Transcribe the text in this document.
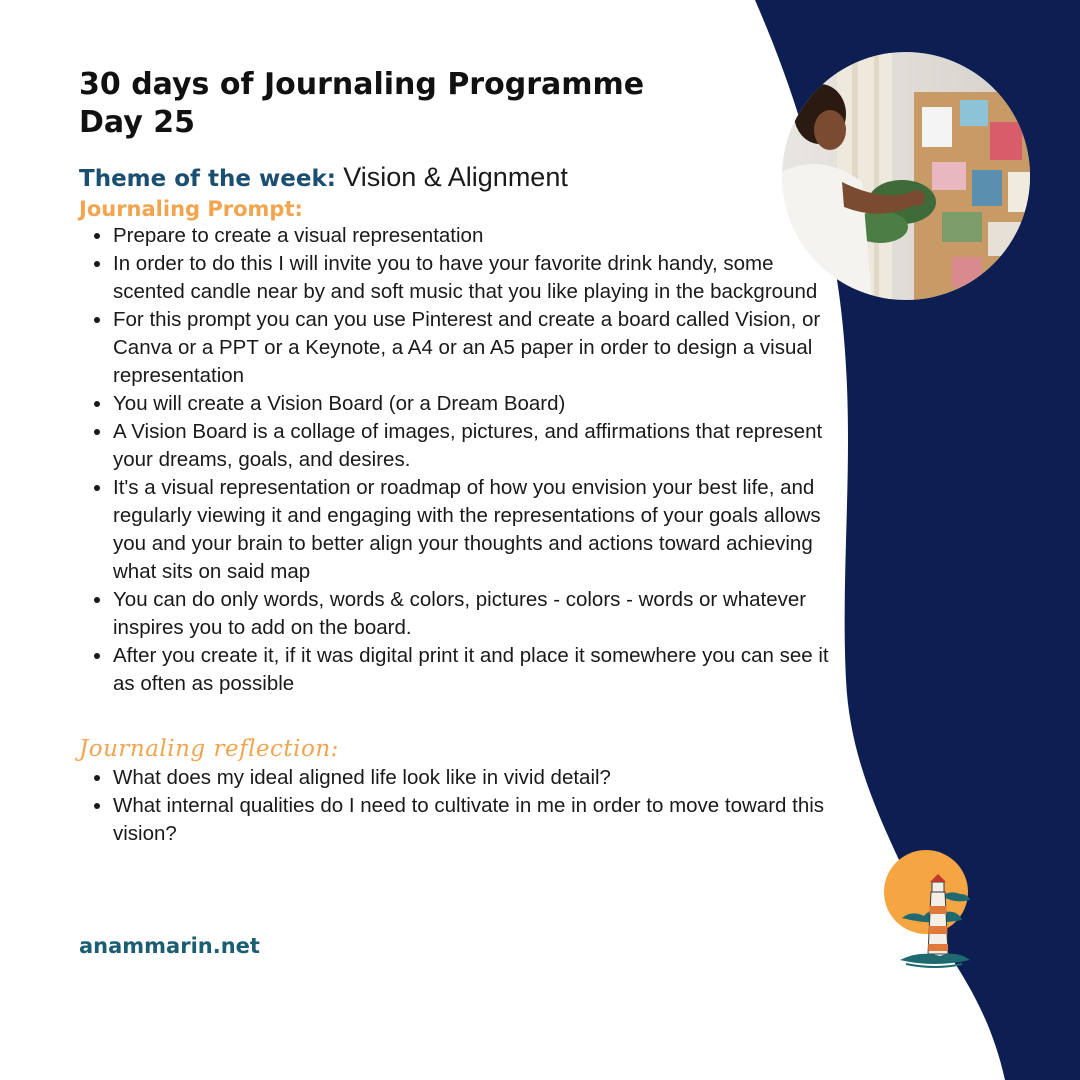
30 days of Journaling Programme
Day 25
Theme of the week: Vision & Alignment
Journaling Prompt:
• Prepare to create a visual representation
• In order to do this I will invite you to have your favorite drink handy, some scented candle near by and soft music that you like playing in the background
• For this prompt you can you use Pinterest and create a board called Vision, or Canva or a PPT or a Keynote, a A4 or an A5 paper in order to design a visual representation
• You will create a Vision Board (or a Dream Board)
• A Vision Board is a collage of images, pictures, and affirmations that represent your dreams, goals, and desires.
• It's a visual representation or roadmap of how you envision your best life, and regularly viewing it and engaging with the representations of your goals allows you and your brain to better align your thoughts and actions toward achieving what sits on said map
• You can do only words, words & colors, pictures - colors - words or whatever inspires you to add on the board.
• After you create it, if it was digital print it and place it somewhere you can see it as often as possible
Journaling reflection:
• What does my ideal aligned life look like in vivid detail?
• What internal qualities do I need to cultivate in me in order to move toward this vision?
anammarin.net
